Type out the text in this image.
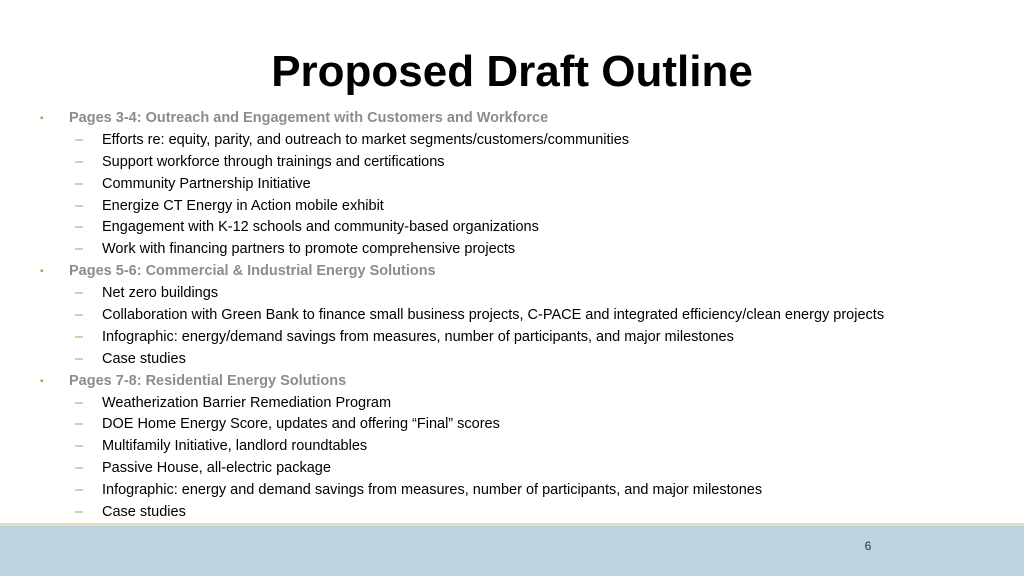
Proposed Draft Outline
▪ Pages 3-4: Outreach and Engagement with Customers and Workforce
– Efforts re: equity, parity, and outreach to market segments/customers/communities
– Support workforce through trainings and certifications
– Community Partnership Initiative
– Energize CT Energy in Action mobile exhibit
– Engagement with K-12 schools and community-based organizations
– Work with financing partners to promote comprehensive projects
▪ Pages 5-6: Commercial & Industrial Energy Solutions
– Net zero buildings
– Collaboration with Green Bank to finance small business projects, C-PACE and integrated efficiency/clean energy projects
– Infographic: energy/demand savings from measures, number of participants, and major milestones
– Case studies
▪ Pages 7-8: Residential Energy Solutions
– Weatherization Barrier Remediation Program
– DOE Home Energy Score, updates and offering “Final” scores
– Multifamily Initiative, landlord roundtables
– Passive House, all-electric package
– Infographic: energy and demand savings from measures, number of participants, and major milestones
– Case studies
6
